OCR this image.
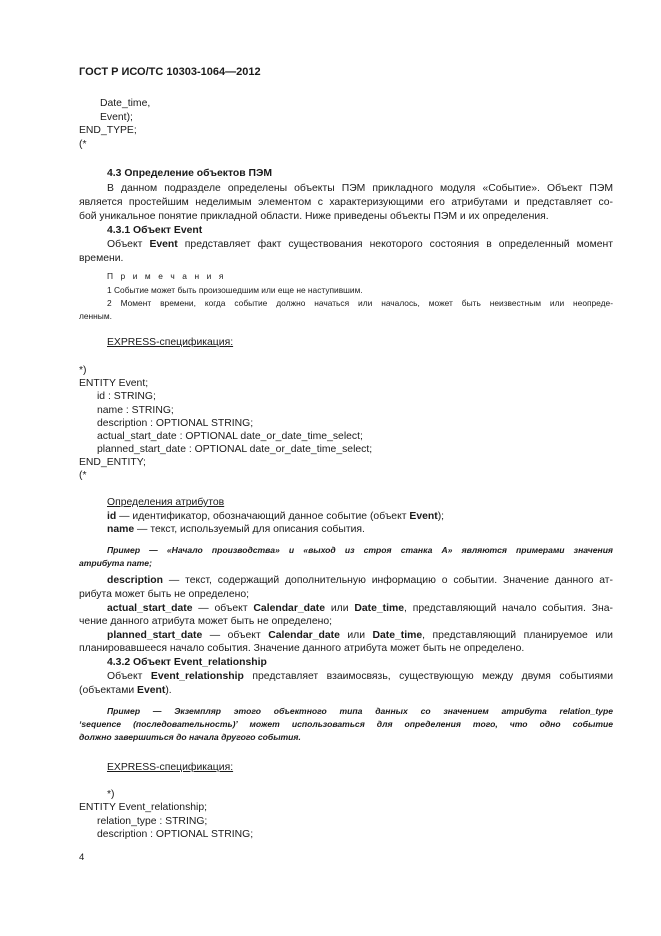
ГОСТ Р ИСО/ТС 10303-1064—2012
Date_time,
Event);
END_TYPE;
(*
4.3 Определение объектов ПЭМ
В данном подразделе определены объекты ПЭМ прикладного модуля «Событие». Объект ПЭМ
является простейшим неделимым элементом с характеризующими его атрибутами и представляет со-
бой уникальное понятие прикладной области. Ниже приведены объекты ПЭМ и их определения.
4.3.1 Объект Event
Объект Event представляет факт существования некоторого состояния в определенный момент
времени.
П р и м е ч а н и я
1 Событие может быть произошедшим или еще не наступившим.
2 Момент времени, когда событие должно начаться или началось, может быть неизвестным или неопреде-
ленным.
EXPRESS-спецификация:
*)
ENTITY Event;
id : STRING;
name : STRING;
description : OPTIONAL STRING;
actual_start_date : OPTIONAL date_or_date_time_select;
planned_start_date : OPTIONAL date_or_date_time_select;
END_ENTITY;
(*
Определения атрибутов
id — идентификатор, обозначающий данное событие (объект Event);
name — текст, используемый для описания события.
Пример — «Начало производства» и «выход из строя станка А» являются примерами значения
атрибута name;
description — текст, содержащий дополнительную информацию о событии. Значение данного ат-
рибута может быть не определено;
actual_start_date — объект Calendar_date или Date_time, представляющий начало события. Зна-
чение данного атрибута может быть не определено;
planned_start_date — объект Calendar_date или Date_time, представляющий планируемое или
планировавшееся начало события. Значение данного атрибута может быть не определено.
4.3.2 Объект Event_relationship
Объект Event_relationship представляет взаимосвязь, существующую между двумя событиями
(объектами Event).
Пример — Экземпляр этого объектного типа данных со значением атрибута relation_type
‘sequence (последовательность)’ может использоваться для определения того, что одно событие
должно завершиться до начала другого события.
EXPRESS-спецификация:
*)
ENTITY Event_relationship;
relation_type : STRING;
description : OPTIONAL STRING;
4
